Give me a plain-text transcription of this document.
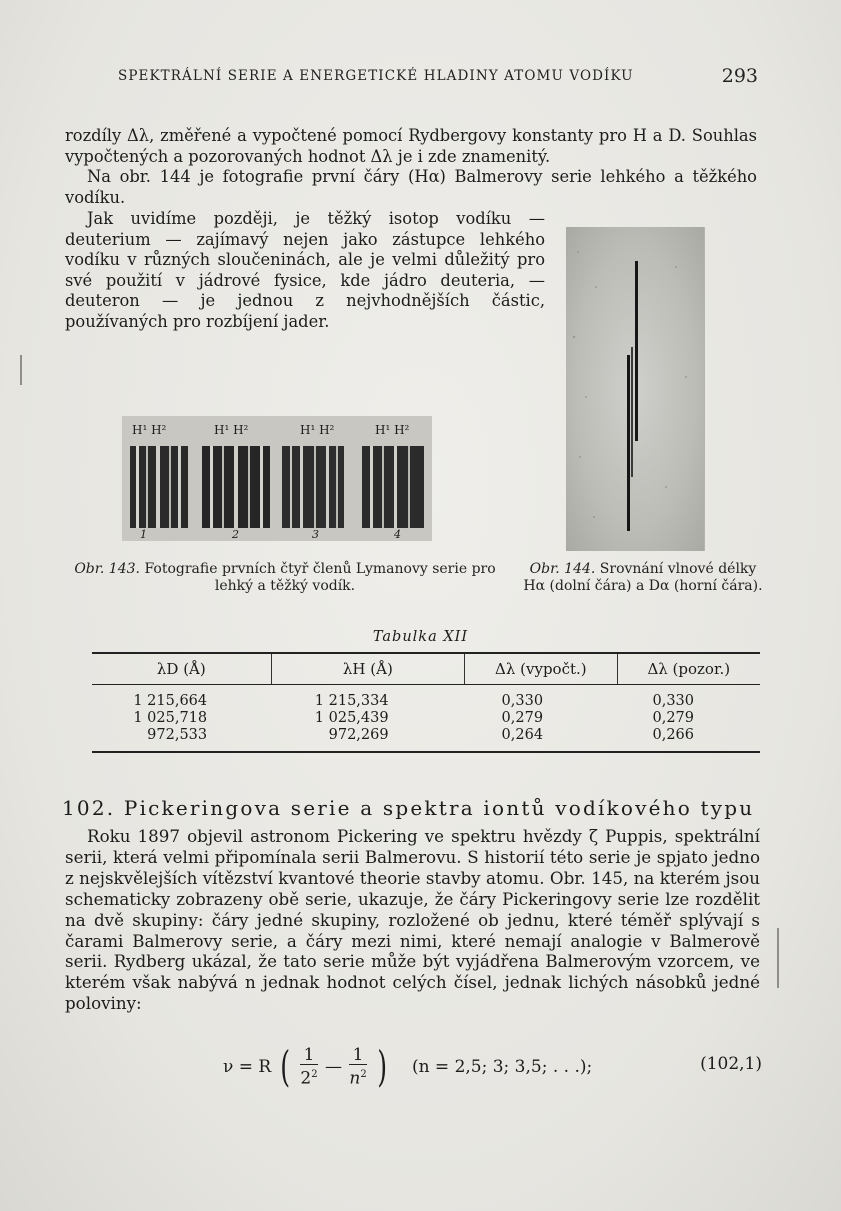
SPEKTRÁLNÍ SERIE A ENERGETICKÉ HLADINY ATOMU VODÍKU	293

rozdíly Δλ, změřené a vypočtené pomocí Rydbergovy konstanty pro H a D. Souhlas vypočtených a pozorovaných hodnot Δλ je i zde znamenitý.

Na obr. 144 je fotografie první čáry (Hα) Balmerovy serie lehkého a těžkého vodíku.

Jak uvidíme později, je těžký isotop vodíku — deuterium — zajímavý nejen jako zástupce lehkého vodíku v různých sloučeninách, ale je velmi důležitý pro své použití v jádrové fysice, kde jádro deuteria, — deuteron — je jednou z nejvhodnějších částic, používaných pro rozbíjení jader.

H¹ H²	H¹ H²	H¹ H²	H¹ H²
1	2	3	4
Obr. 143. Fotografie prvních čtyř členů Lymanovy serie pro lehký a těžký vodík.
Obr. 144. Srovnání vlnové délky Hα (dolní čára) a Dα (horní čára).
Tabulka XII
λD (Å)	λH (Å)	Δλ (vypočt.)	Δλ (pozor.)

1 215,664	1 215,334	0,330	0,330
1 025,718	1 025,439	0,279	0,279
972,533	972,269	0,264	0,266

102. Pickeringova serie a spektra iontů vodíkového typu

Roku 1897 objevil astronom Pickering ve spektru hvězdy ζ Puppis, spektrální serii, která velmi připomínala serii Balmerovu. S historií této serie je spjato jedno z nejskvělejších vítězství kvantové theorie stavby atomu. Obr. 145, na kterém jsou schematicky zobrazeny obě serie, ukazuje, že čáry Pickeringovy serie lze rozdělit na dvě skupiny: čáry jedné skupiny, rozložené ob jednu, které téměř splývají s čarami Balmerovy serie, a čáry mezi nimi, které nemají analogie v Balmerově serii. Rydberg ukázal, že tato serie může být vyjádřena Balmerovým vzorcem, ve kterém však nabývá n jednak hodnot celých čísel, jednak lichých násobků jedné poloviny:

ν = R ( $\frac{1}{2^2}$ — $\frac{1}{n^2}$ ) (n = 2,5; 3; 3,5; . . .);	(102,1)
